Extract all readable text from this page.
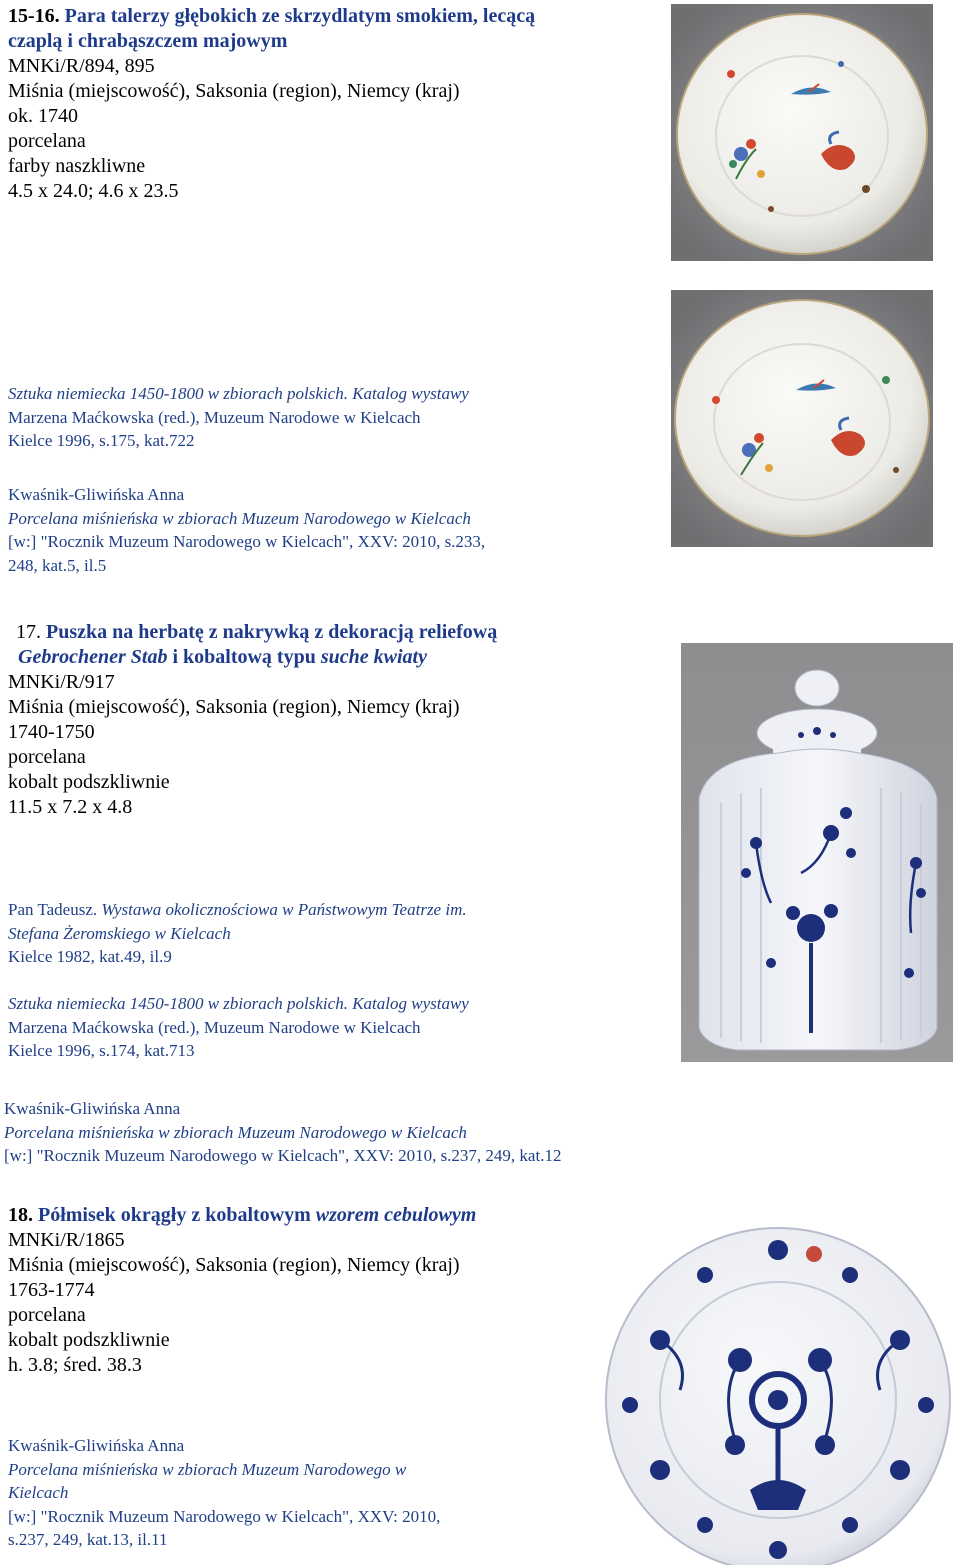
15-16. Para talerzy głębokich ze skrzydlatym smokiem, lecącą
czaplą i chrabąszczem majowym
MNKi/R/894, 895
Miśnia (miejscowość), Saksonia (region), Niemcy (kraj)
ok. 1740
porcelana
farby naszkliwne
4.5 x 24.0; 4.6 x 23.5
Sztuka niemiecka 1450-1800 w zbiorach polskich. Katalog wystawy
Marzena Maćkowska (red.), Muzeum Narodowe w Kielcach
Kielce 1996, s.175, kat.722
Kwaśnik-Gliwińska Anna
Porcelana miśnieńska w zbiorach Muzeum Narodowego w Kielcach
[w:] "Rocznik Muzeum Narodowego w Kielcach", XXV: 2010, s.233,
248, kat.5, il.5
17. Puszka na herbatę z nakrywką z dekoracją reliefową
Gebrochener Stab i kobaltową typu suche kwiaty
MNKi/R/917
Miśnia (miejscowość), Saksonia (region), Niemcy (kraj)
1740-1750
porcelana
kobalt podszkliwnie
11.5 x 7.2 x 4.8
Pan Tadeusz. Wystawa okolicznościowa w Państwowym Teatrze im.
Stefana Żeromskiego w Kielcach
Kielce 1982, kat.49, il.9
Sztuka niemiecka 1450-1800 w zbiorach polskich. Katalog wystawy
Marzena Maćkowska (red.), Muzeum Narodowe w Kielcach
Kielce 1996, s.174, kat.713
Kwaśnik-Gliwińska Anna
Porcelana miśnieńska w zbiorach Muzeum Narodowego w Kielcach
[w:] "Rocznik Muzeum Narodowego w Kielcach", XXV: 2010, s.237, 249, kat.12
18. Półmisek okrągły z kobaltowym wzorem cebulowym
MNKi/R/1865
Miśnia (miejscowość), Saksonia (region), Niemcy (kraj)
1763-1774
porcelana
kobalt podszkliwnie
h. 3.8; śred. 38.3
Kwaśnik-Gliwińska Anna
Porcelana miśnieńska w zbiorach Muzeum Narodowego w
Kielcach
[w:] "Rocznik Muzeum Narodowego w Kielcach", XXV: 2010,
s.237, 249, kat.13, il.11
